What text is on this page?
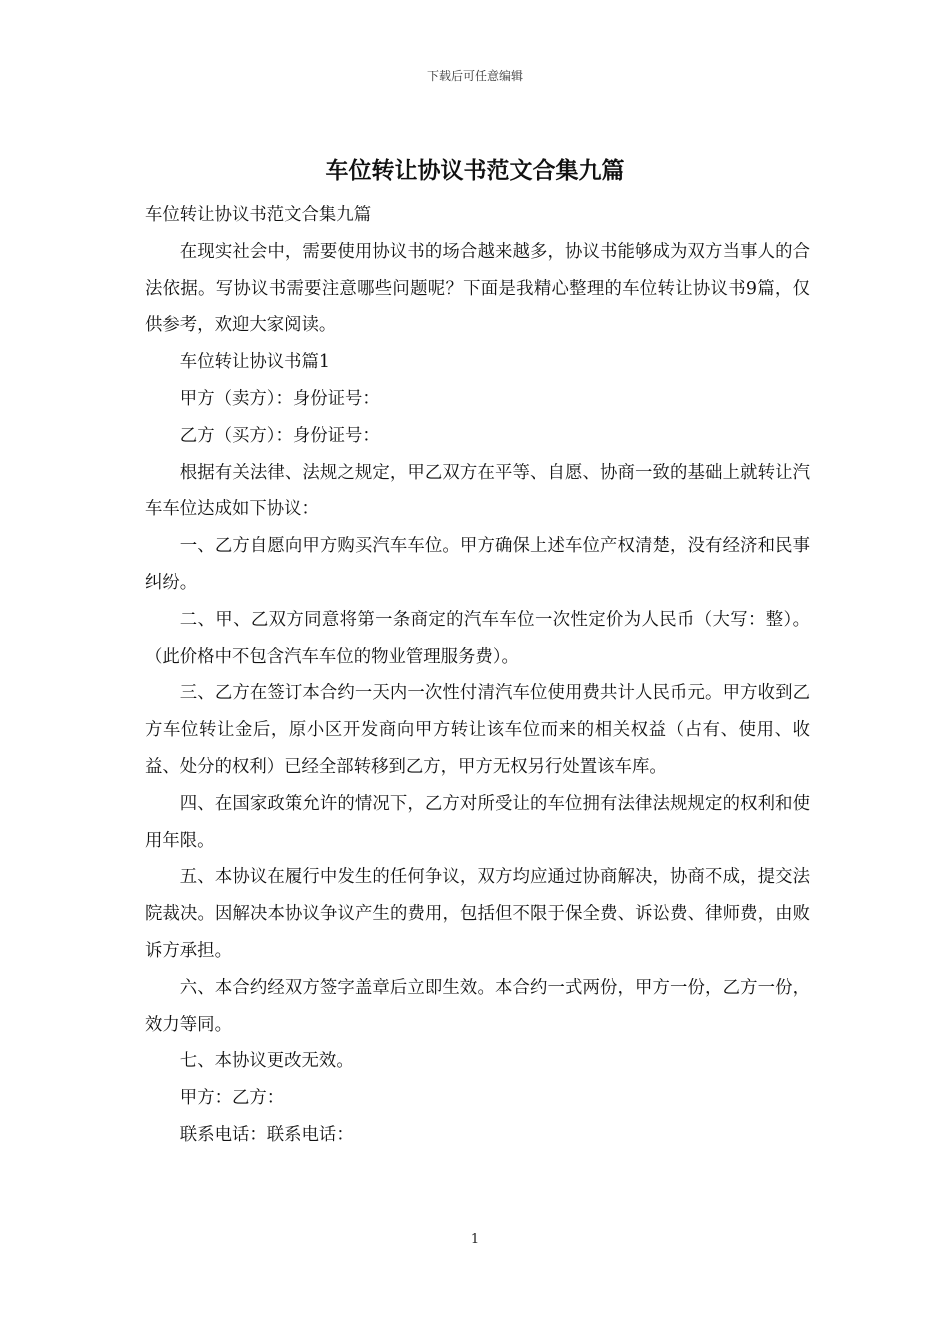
下载后可任意编辑
车位转让协议书范文合集九篇

车位转让协议书范文合集九篇

在现实社会中，需要使用协议书的场合越来越多，协议书能够成为双方当事人的合法依据。写协议书需要注意哪些问题呢？下面是我精心整理的车位转让协议书9篇，仅供参考，欢迎大家阅读。

车位转让协议书篇1

甲方（卖方）：身份证号：

乙方（买方）：身份证号：

根据有关法律、法规之规定，甲乙双方在平等、自愿、协商一致的基础上就转让汽车车位达成如下协议：

一、乙方自愿向甲方购买汽车车位。甲方确保上述车位产权清楚，没有经济和民事纠纷。

二、甲、乙双方同意将第一条商定的汽车车位一次性定价为人民币（大写：整）。（此价格中不包含汽车车位的物业管理服务费）。

三、乙方在签订本合约一天内一次性付清汽车位使用费共计人民币元。甲方收到乙方车位转让金后，原小区开发商向甲方转让该车位而来的相关权益（占有、使用、收益、处分的权利）已经全部转移到乙方，甲方无权另行处置该车库。

四、在国家政策允许的情况下，乙方对所受让的车位拥有法律法规规定的权利和使用年限。

五、本协议在履行中发生的任何争议，双方均应通过协商解决，协商不成，提交法院裁决。因解决本协议争议产生的费用，包括但不限于保全费、诉讼费、律师费，由败诉方承担。

六、本合约经双方签字盖章后立即生效。本合约一式两份，甲方一份，乙方一份，效力等同。

七、本协议更改无效。

甲方：乙方：

联系电话：联系电话：

1
